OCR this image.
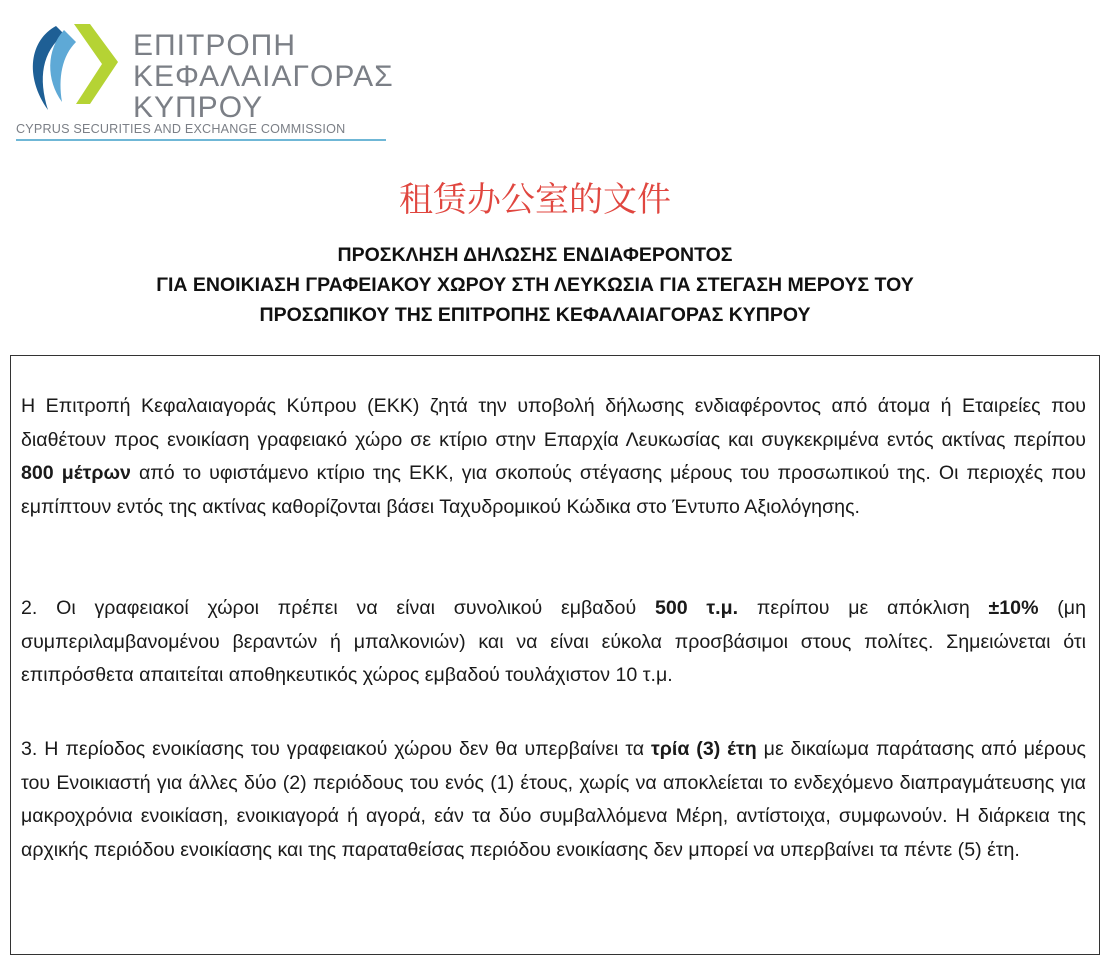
ΕΠΙΤΡΟΠΗ
ΚΕΦΑΛΑΙΑΓΟΡΑΣ
ΚΥΠΡΟΥ
CYPRUS SECURITIES AND EXCHANGE COMMISSION
租赁办公室的文件
ΠΡΟΣΚΛΗΣΗ ΔΗΛΩΣΗΣ ΕΝΔΙΑΦΕΡΟΝΤΟΣ
ΓΙΑ ΕΝΟΙΚΙΑΣΗ ΓΡΑΦΕΙΑΚΟΥ ΧΩΡΟΥ ΣΤΗ ΛΕΥΚΩΣΙΑ ΓΙΑ ΣΤΕΓΑΣΗ ΜΕΡΟΥΣ ΤΟΥ
ΠΡΟΣΩΠΙΚΟΥ ΤΗΣ ΕΠΙΤΡΟΠΗΣ ΚΕΦΑΛΑΙΑΓΟΡΑΣ ΚΥΠΡΟΥ
Η Επιτροπή Κεφαλαιαγοράς Κύπρου (ΕΚΚ) ζητά την υποβολή δήλωσης ενδιαφέροντος από άτομα ή Εταιρείες που διαθέτουν προς ενοικίαση γραφειακό χώρο σε κτίριο στην Επαρχία Λευκωσίας και συγκεκριμένα εντός ακτίνας περίπου 800 μέτρων από το υφιστάμενο κτίριο της ΕΚΚ, για σκοπούς στέγασης μέρους του προσωπικού της. Οι περιοχές που εμπίπτουν εντός της ακτίνας καθορίζονται βάσει Ταχυδρομικού Κώδικα στο Έντυπο Αξιολόγησης.
2. Οι γραφειακοί χώροι πρέπει να είναι συνολικού εμβαδού 500 τ.μ. περίπου με απόκλιση ±10% (μη συμπεριλαμβανομένου βεραντών ή μπαλκονιών) και να είναι εύκολα προσβάσιμοι στους πολίτες. Σημειώνεται ότι επιπρόσθετα απαιτείται αποθηκευτικός χώρος εμβαδού τουλάχιστον 10 τ.μ.
3. Η περίοδος ενοικίασης του γραφειακού χώρου δεν θα υπερβαίνει τα τρία (3) έτη με δικαίωμα παράτασης από μέρους του Ενοικιαστή για άλλες δύο (2) περιόδους του ενός (1) έτους, χωρίς να αποκλείεται το ενδεχόμενο διαπραγμάτευσης για μακροχρόνια ενοικίαση, ενοικιαγορά ή αγορά, εάν τα δύο συμβαλλόμενα Μέρη, αντίστοιχα, συμφωνούν. Η διάρκεια της αρχικής περιόδου ενοικίασης και της παραταθείσας περιόδου ενοικίασης δεν μπορεί να υπερβαίνει τα πέντε (5) έτη.
